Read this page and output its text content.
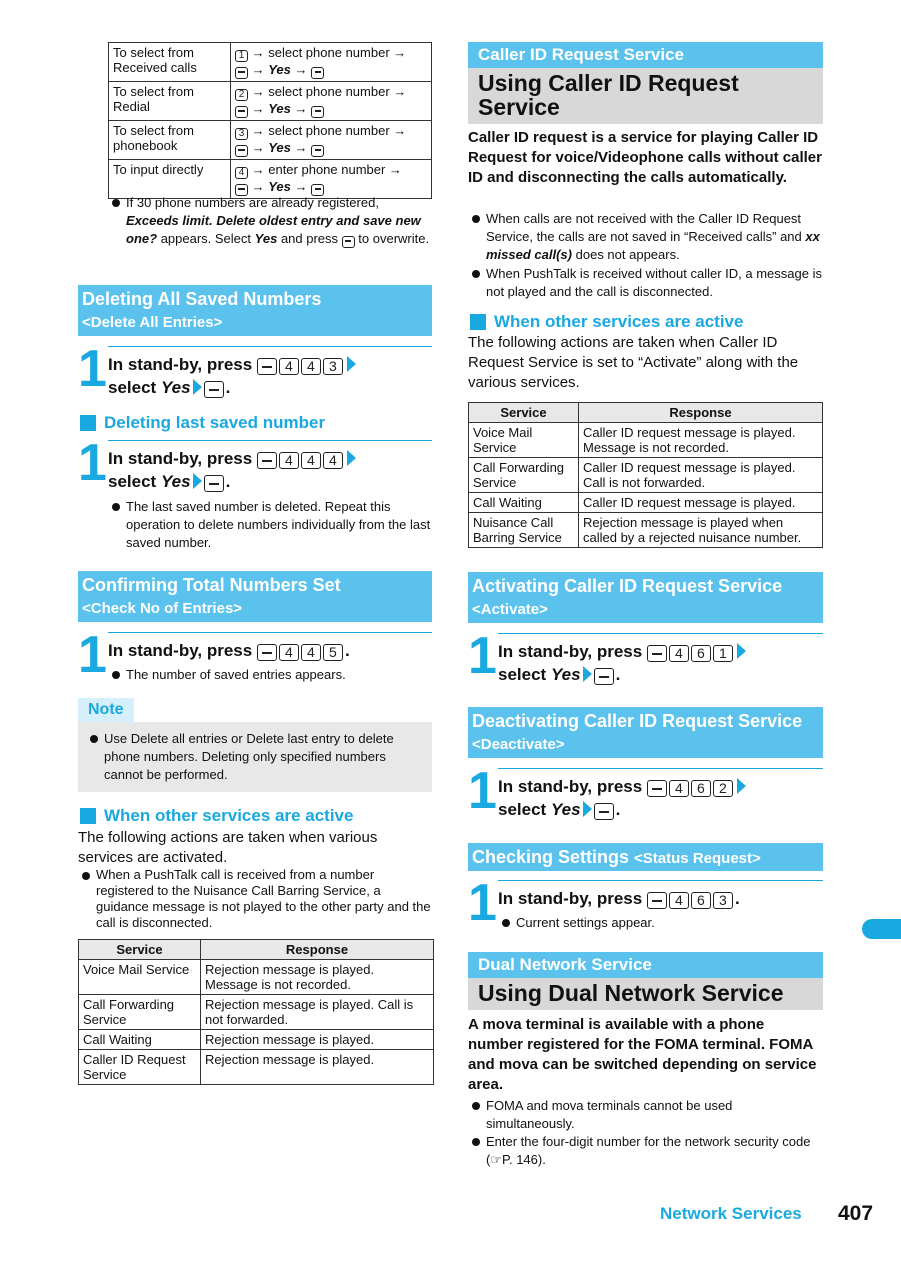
To select from Received calls	1 → select phone number →
→ Yes →
To select from Redial	2 → select phone number →
→ Yes →
To select from phonebook	3 → select phone number →
→ Yes →
To input directly	4 → enter phone number →
→ Yes →
If 30 phone numbers are already registered, Exceeds limit. Delete oldest entry and save new one? appears. Select Yes and press to overwrite.
Deleting All Saved Numbers
<Delete All Entries>
1 In stand-by, press 4 4 3
select Yes .
Deleting last saved number
1 In stand-by, press 4 4 4
select Yes .
The last saved number is deleted. Repeat this operation to delete numbers individually from the last saved number.
Confirming Total Numbers Set
<Check No of Entries>
1 In stand-by, press 4 4 5 .
The number of saved entries appears.
Note
Use Delete all entries or Delete last entry to delete phone numbers. Deleting only specified numbers cannot be performed.
When other services are active
The following actions are taken when various services are activated.
When a PushTalk call is received from a number registered to the Nuisance Call Barring Service, a guidance message is not played to the other party and the call is disconnected.
Service	Response
Voice Mail Service	Rejection message is played. Message is not recorded.
Call Forwarding Service	Rejection message is played. Call is not forwarded.
Call Waiting	Rejection message is played.
Caller ID Request Service	Rejection message is played.
Caller ID Request Service
Using Caller ID Request Service
Caller ID request is a service for playing Caller ID Request for voice/Videophone calls without caller ID and disconnecting the calls automatically.
When calls are not received with the Caller ID Request Service, the calls are not saved in “Received calls” and xx missed call(s) does not appears.
When PushTalk is received without caller ID, a message is not played and the call is disconnected.
When other services are active
The following actions are taken when Caller ID Request Service is set to “Activate” along with the various services.
Service	Response
Voice Mail Service	Caller ID request message is played. Message is not recorded.
Call Forwarding Service	Caller ID request message is played. Call is not forwarded.
Call Waiting	Caller ID request message is played.
Nuisance Call Barring Service	Rejection message is played when called by a rejected nuisance number.
Activating Caller ID Request Service
<Activate>
1 In stand-by, press 4 6 1
select Yes .
Deactivating Caller ID Request Service
<Deactivate>
1 In stand-by, press 4 6 2
select Yes .
Checking Settings <Status Request>
1 In stand-by, press 4 6 3 .
Current settings appear.
Dual Network Service
Using Dual Network Service
A mova terminal is available with a phone number registered for the FOMA terminal. FOMA and mova can be switched depending on service area.
FOMA and mova terminals cannot be used simultaneously.
Enter the four-digit number for the network security code (☞P. 146).
Network Services 407
